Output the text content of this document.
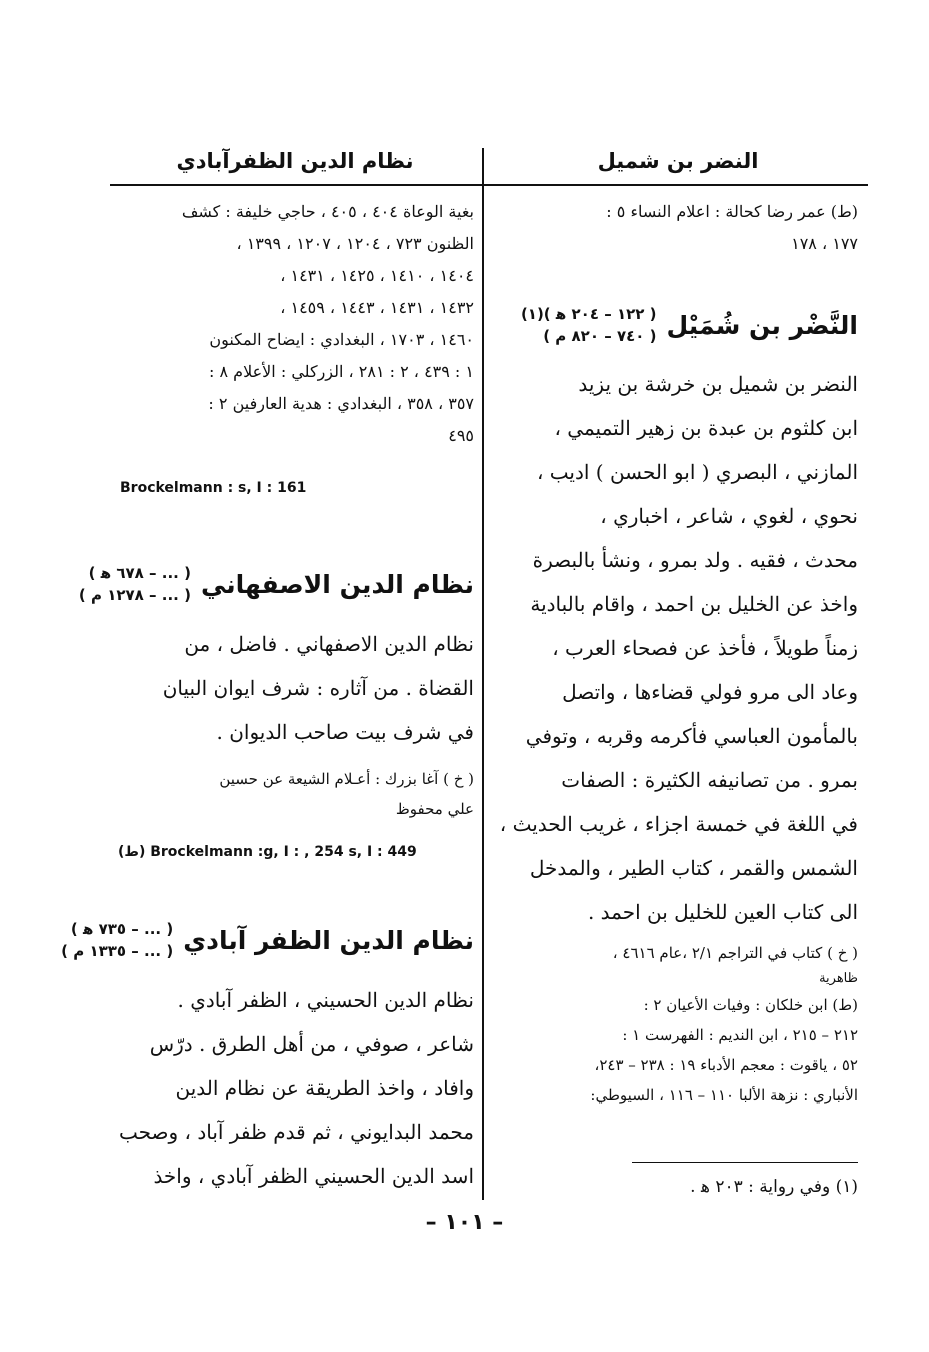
النضر بن شميل
نظام الدين الظفرآبادي
(ط) عمر رضا كحالة : اعلام النساء ٥ :
١٧٧ ، ١٧٨
النَّضْر بن شُمَيْل
( ١٢٢ – ٢٠٤ ﻫ )(١)
( ٧٤٠ – ٨٢٠ م )
النضر بن شميل بن خرشة بن يزيد
ابن كلثوم بن عبدة بن زهير التميمي ،
المازني ، البصري ( ابو الحسن ) اديب ،
نحوي ، لغوي ، شاعر ، اخباري ،
محدث ، فقيه . ولد بمرو ، ونشأ بالبصرة
واخذ عن الخليل بن احمد ، واقام بالبادية
زمناً طويلاً ، فأخذ عن فصحاء العرب ،
وعاد الى مرو فولي قضاءها ، واتصل
بالمأمون العباسي فأكرمه وقربه ، وتوفي
بمرو . من تصانيفه الكثيرة : الصفات
في اللغة في خمسة اجزاء ، غريب الحديث ،
الشمس والقمر ، كتاب الطير ، والمدخل
الى كتاب العين للخليل بن احمد .
( خ ) كتاب في التراجم ٢/١ ،عام ٤٦١٦ ،
ظاهرية
(ط) ابن خلكان : وفيات الأعيان ٢ :
٢١٢ – ٢١٥ ، ابن النديم : الفهرست ١ :
٥٢ ، ياقوت : معجم الأدباء ١٩ : ٢٣٨ – ٢٤٣،
الأنباري : نزهة الألبا ١١٠ – ١١٦ ، السيوطي:
(١) وفي رواية : ٢٠٣ ﻫ .
بغية الوعاة ٤٠٤ ، ٤٠٥ ، حاجي خليفة : كشف
الظنون ٧٢٣ ، ١٢٠٤ ، ١٢٠٧ ، ١٣٩٩ ،
١٤٠٤ ، ١٤١٠ ، ١٤٢٥ ، ١٤٣١ ،
١٤٣٢ ، ١٤٣١ ، ١٤٤٣ ، ١٤٥٩ ،
١٤٦٠ ، ١٧٠٣ ، البغدادي : ايضاح المكنون
١ : ٤٣٩ ، ٢ : ٢٨١ ، الزركلي : الأعلام ٨ :
٣٥٧ ، ٣٥٨ ، البغدادي : هدية العارفين ٢ :
٤٩٥
Brockelmann : s, I : 161
نظام الدين الاصفهاني
( ... – ٦٧٨ ﻫ )
( ... – ١٢٧٨ م )
نظام الدين الاصفهاني . فاضل ، من
القضاة . من آثاره : شرف ايوان البيان
في شرف بيت صاحب الديوان .
( خ ) آغا بزرك : أعـلام الشيعة عن حسين
علي محفوظ
(ط) Brockelmann :g, I : , 254 s, I : 449
نظام الدين الظفر آبادي
( ... – ٧٣٥ ﻫ )
( ... – ١٣٣٥ م )
نظام الدين الحسيني ، الظفر آبادي .
شاعر ، صوفي ، من أهل الطرق . درّس
وافاد ، واخذ الطريقة عن نظام الدين
محمد البدايوني ، ثم قدم ظفر آباد ، وصحب
اسد الدين الحسيني الظفر آبادي ، واخذ
– ١٠١ –
